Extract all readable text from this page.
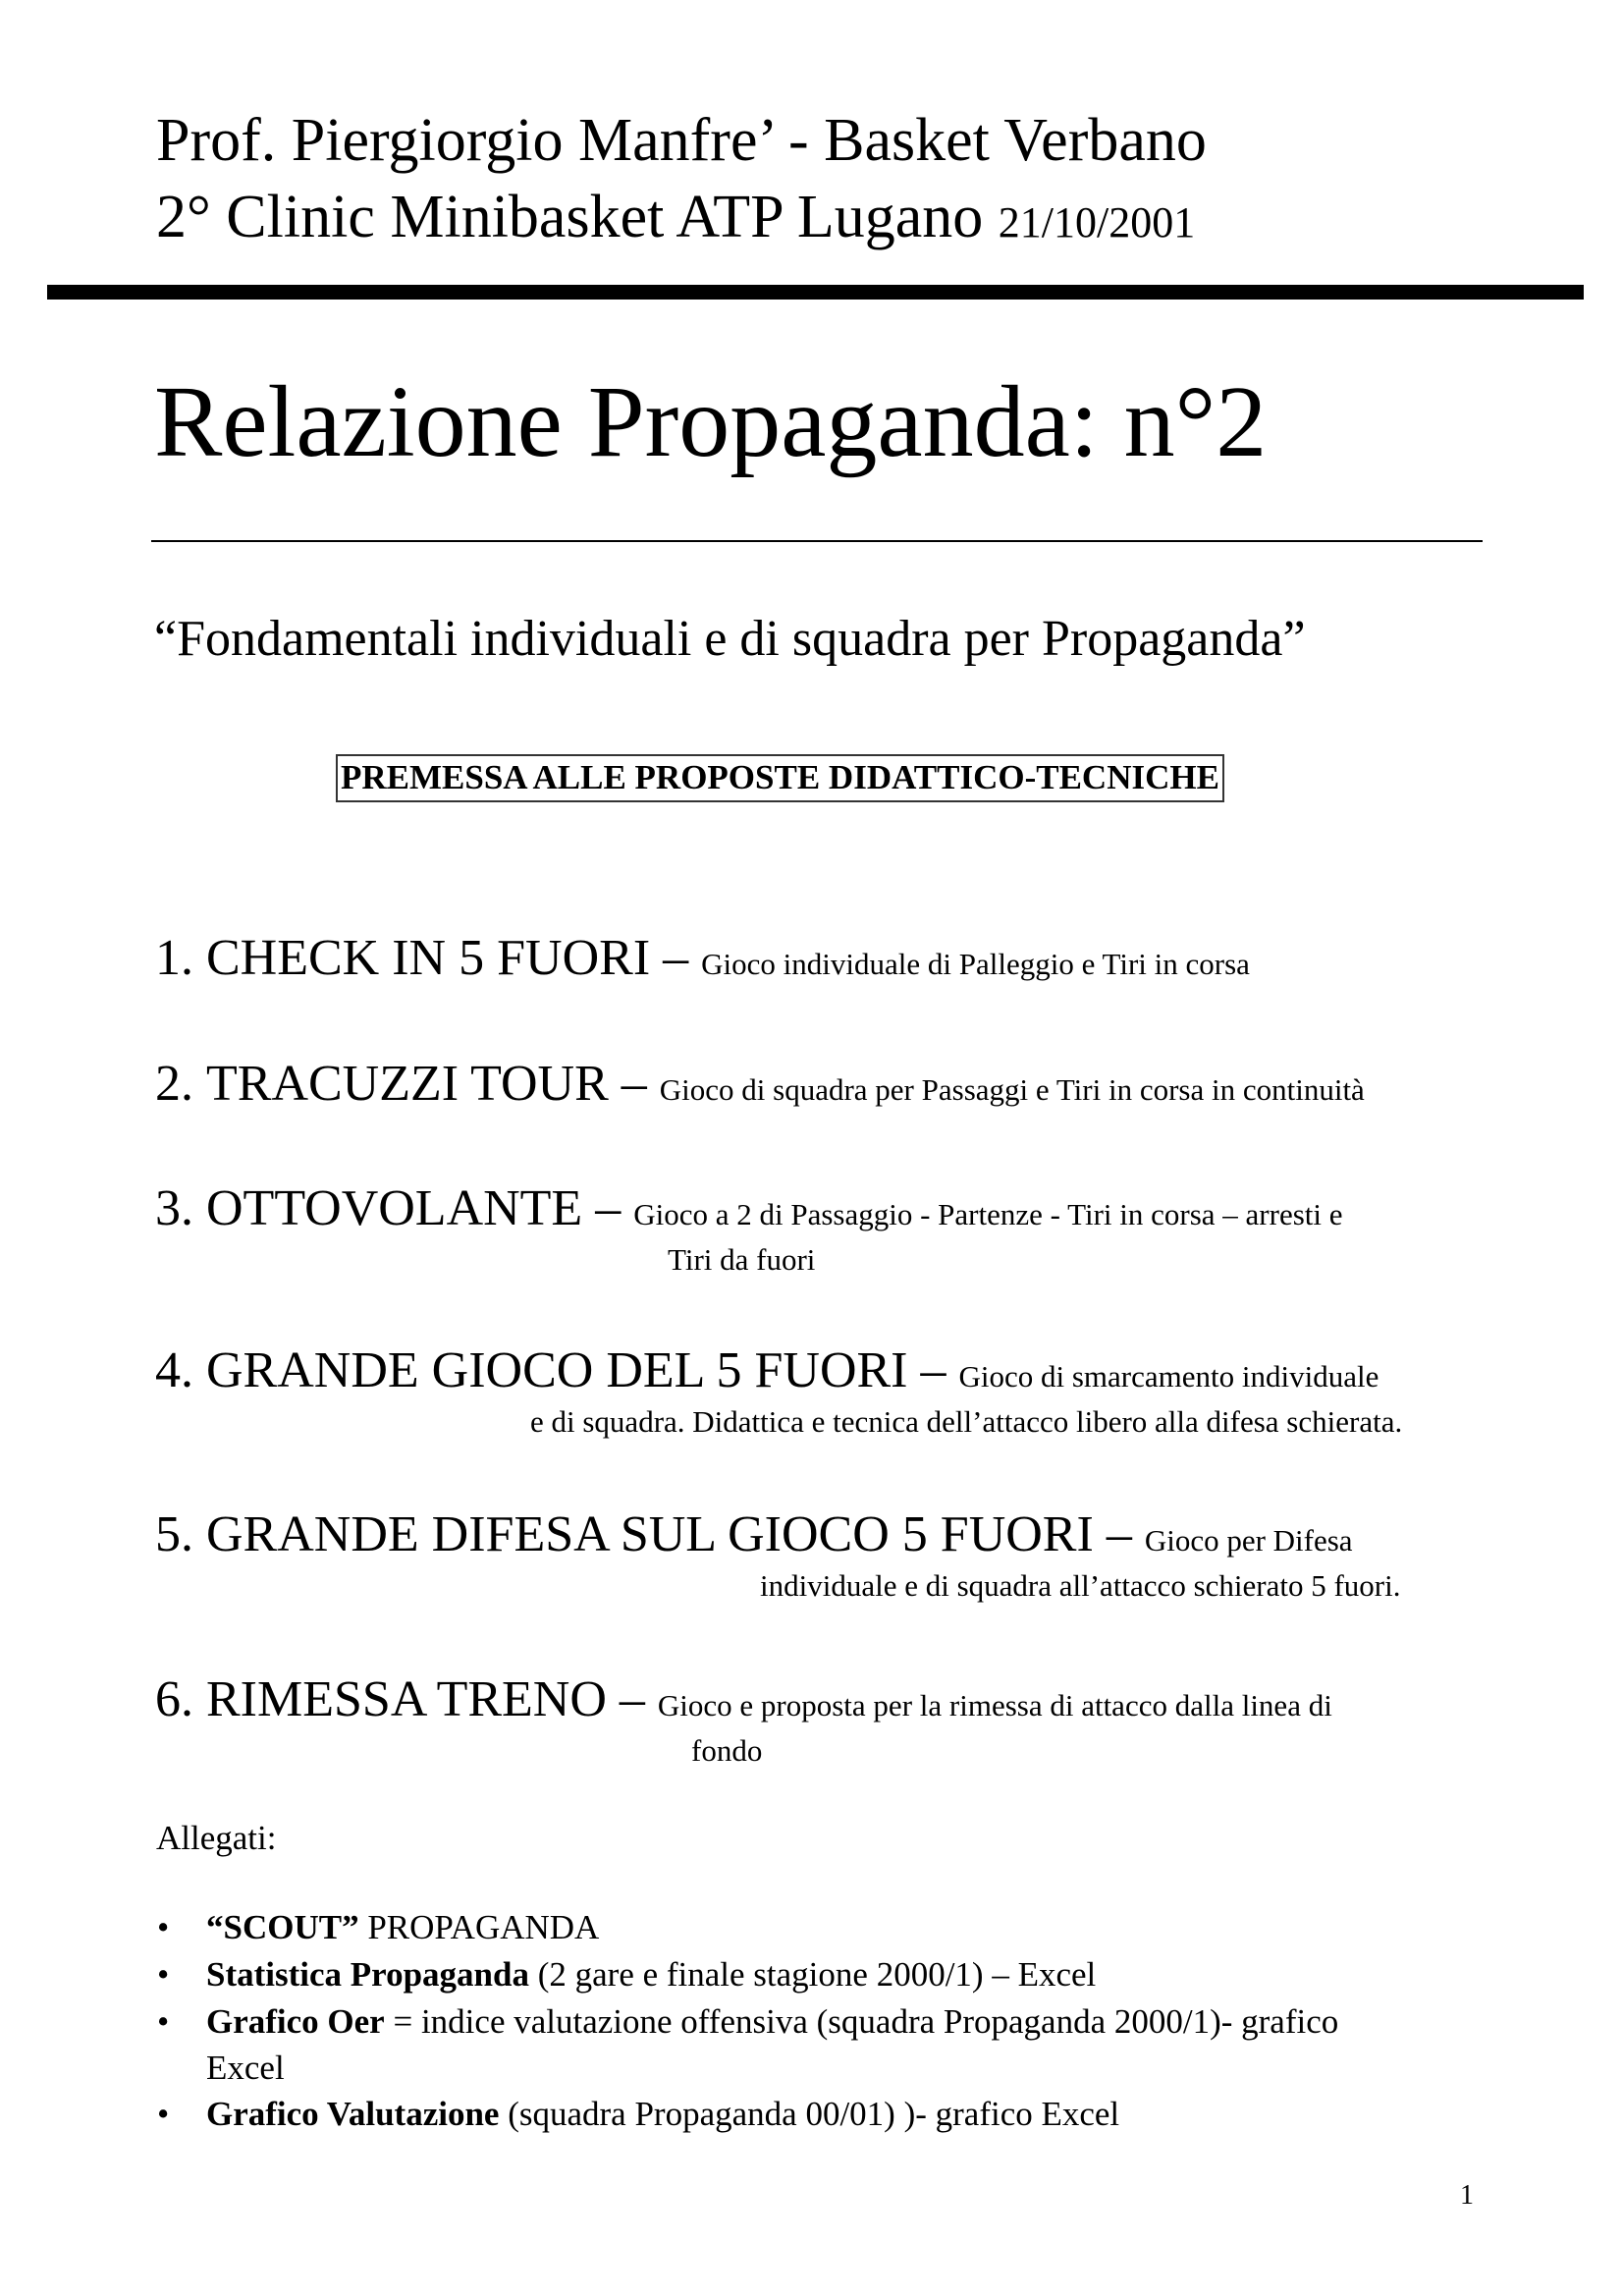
Prof. Piergiorgio Manfre’ - Basket Verbano
2° Clinic Minibasket ATP Lugano 21/10/2001
Relazione Propaganda: n°2
“Fondamentali individuali e di squadra per Propaganda”
PREMESSA ALLE PROPOSTE DIDATTICO-TECNICHE
1. CHECK IN 5 FUORI – Gioco individuale di Palleggio e Tiri in corsa
2. TRACUZZI TOUR – Gioco di squadra per Passaggi e Tiri in corsa in continuità
3. OTTOVOLANTE – Gioco a 2 di Passaggio - Partenze - Tiri in corsa – arresti e
Tiri da fuori
4. GRANDE GIOCO DEL 5 FUORI – Gioco di smarcamento individuale
e di squadra. Didattica e tecnica dell’attacco libero alla difesa schierata.
5. GRANDE DIFESA SUL GIOCO 5 FUORI – Gioco per Difesa
individuale e di squadra all’attacco schierato 5 fuori.
6. RIMESSA TRENO – Gioco e proposta per la rimessa di attacco dalla linea di
fondo
Allegati:
• “SCOUT” PROPAGANDA
• Statistica Propaganda (2 gare e finale stagione 2000/1) – Excel
• Grafico Oer = indice valutazione offensiva (squadra Propaganda 2000/1)- grafico
Excel
• Grafico Valutazione (squadra Propaganda 00/01) )- grafico Excel
1
